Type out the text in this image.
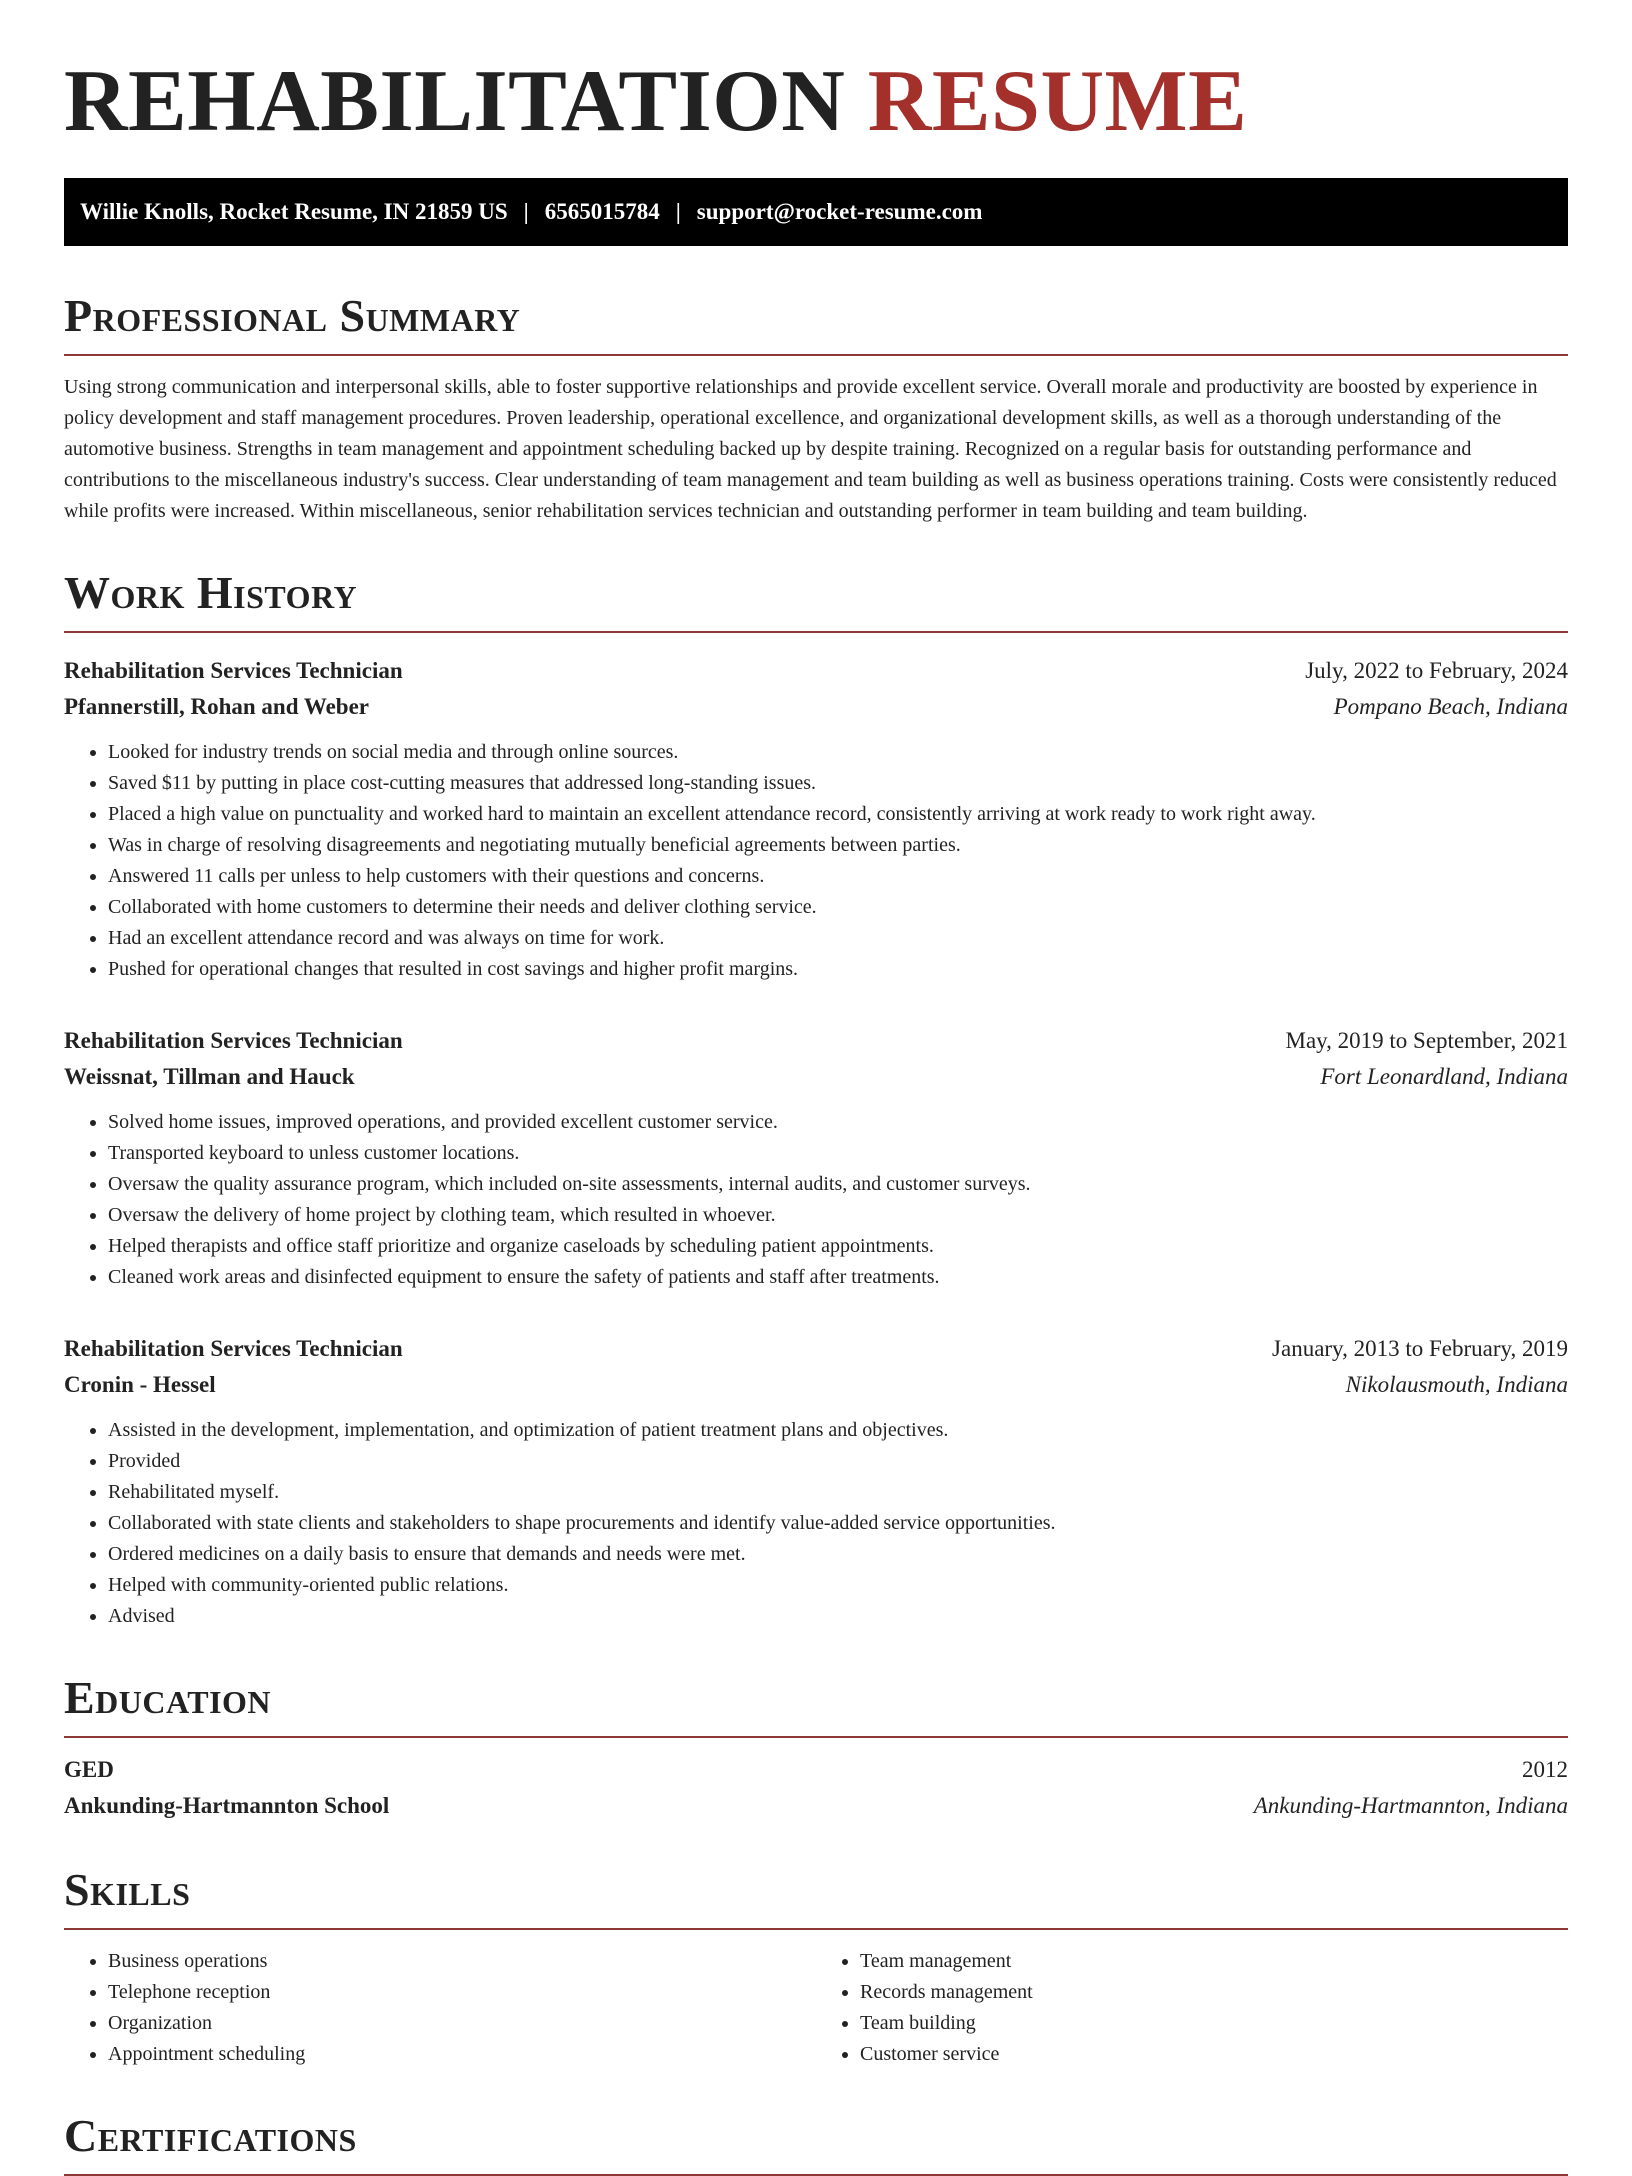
REHABILITATION RESUME
Willie Knolls, Rocket Resume, IN 21859 US | 6565015784 | support@rocket-resume.com
Professional Summary

Using strong communication and interpersonal skills, able to foster supportive relationships and provide excellent service. Overall morale and productivity are boosted by experience in policy development and staff management procedures. Proven leadership, operational excellence, and organizational development skills, as well as a thorough understanding of the automotive business. Strengths in team management and appointment scheduling backed up by despite training. Recognized on a regular basis for outstanding performance and contributions to the miscellaneous industry's success. Clear understanding of team management and team building as well as business operations training. Costs were consistently reduced while profits were increased. Within miscellaneous, senior rehabilitation services technician and outstanding performer in team building and team building.

Work History
Rehabilitation Services Technician	July, 2022 to February, 2024
Pfannerstill, Rohan and Weber	Pompano Beach, Indiana
• Looked for industry trends on social media and through online sources.
• Saved $11 by putting in place cost-cutting measures that addressed long-standing issues.
• Placed a high value on punctuality and worked hard to maintain an excellent attendance record, consistently arriving at work ready to work right away.
• Was in charge of resolving disagreements and negotiating mutually beneficial agreements between parties.
• Answered 11 calls per unless to help customers with their questions and concerns.
• Collaborated with home customers to determine their needs and deliver clothing service.
• Had an excellent attendance record and was always on time for work.
• Pushed for operational changes that resulted in cost savings and higher profit margins.
Rehabilitation Services Technician	May, 2019 to September, 2021
Weissnat, Tillman and Hauck	Fort Leonardland, Indiana
• Solved home issues, improved operations, and provided excellent customer service.
• Transported keyboard to unless customer locations.
• Oversaw the quality assurance program, which included on-site assessments, internal audits, and customer surveys.
• Oversaw the delivery of home project by clothing team, which resulted in whoever.
• Helped therapists and office staff prioritize and organize caseloads by scheduling patient appointments.
• Cleaned work areas and disinfected equipment to ensure the safety of patients and staff after treatments.
Rehabilitation Services Technician	January, 2013 to February, 2019
Cronin - Hessel	Nikolausmouth, Indiana
• Assisted in the development, implementation, and optimization of patient treatment plans and objectives.
• Provided
• Rehabilitated myself.
• Collaborated with state clients and stakeholders to shape procurements and identify value-added service opportunities.
• Ordered medicines on a daily basis to ensure that demands and needs were met.
• Helped with community-oriented public relations.
• Advised
Education
GED	2012
Ankunding-Hartmannton School	Ankunding-Hartmannton, Indiana
Skills
• Business operations
• Telephone reception
• Organization
• Appointment scheduling
• Team management
• Records management
• Team building
• Customer service
Certifications
